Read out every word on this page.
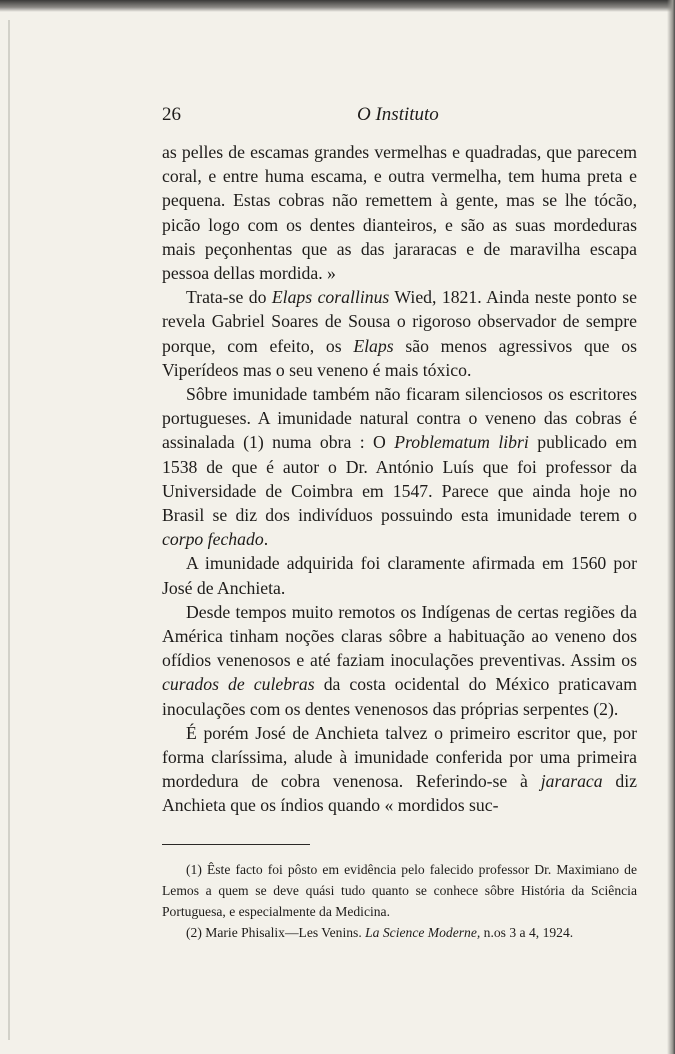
26	O Instituto

as pelles de escamas grandes vermelhas e quadradas, que parecem coral, e entre huma escama, e outra vermelha, tem huma preta e pequena. Estas cobras não remettem à gente, mas se lhe tócão, picão logo com os dentes dianteiros, e são as suas mordeduras mais peçonhentas que as das jararacas e de maravilha escapa pessoa dellas mordida. »

Trata-se do Elaps corallinus Wied, 1821. Ainda neste ponto se revela Gabriel Soares de Sousa o rigoroso observador de sempre porque, com efeito, os Elaps são menos agressivos que os Viperídeos mas o seu veneno é mais tóxico.

Sôbre imunidade também não ficaram silenciosos os escritores portugueses. A imunidade natural contra o veneno das cobras é assinalada (1) numa obra : O Problematum libri publicado em 1538 de que é autor o Dr. António Luís que foi professor da Universidade de Coimbra em 1547. Parece que ainda hoje no Brasil se diz dos indivíduos possuindo esta imunidade terem o corpo fechado.

A imunidade adquirida foi claramente afirmada em 1560 por José de Anchieta.

Desde tempos muito remotos os Indígenas de certas regiões da América tinham noções claras sôbre a habituação ao veneno dos ofídios venenosos e até faziam inoculações preventivas. Assim os curados de culebras da costa ocidental do México praticavam inoculações com os dentes venenosos das próprias serpentes (2).

É porém José de Anchieta talvez o primeiro escritor que, por forma claríssima, alude à imunidade conferida por uma primeira mordedura de cobra venenosa. Referindo-se à jararaca diz Anchieta que os índios quando « mordidos suc-

(1) Êste facto foi pôsto em evidência pelo falecido professor Dr. Maximiano de Lemos a quem se deve quási tudo quanto se conhece sôbre História da Sciência Portuguesa, e especialmente da Medicina.

(2) Marie Phisalix—Les Venins. La Science Moderne, n.os 3 a 4, 1924.
